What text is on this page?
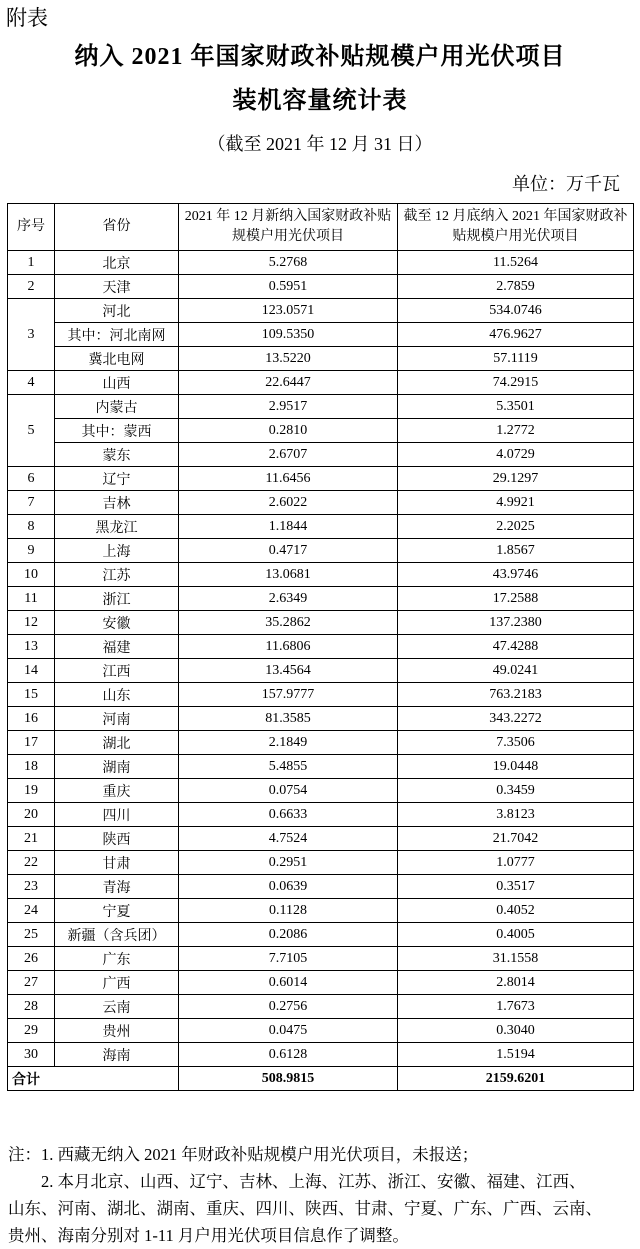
附表
纳入 2021 年国家财政补贴规模户用光伏项目
装机容量统计表
（截至 2021 年 12 月 31 日）
单位：万千瓦
序号	省份	2021 年 12 月新纳入国家财政补贴规模户用光伏项目	截至 12 月底纳入 2021 年国家财政补贴规模户用光伏项目
1	北京	5.2768	11.5264
2	天津	0.5951	2.7859
3	河北	123.0571	534.0746
	其中：河北南网	109.5350	476.9627
	冀北电网	13.5220	57.1119
4	山西	22.6447	74.2915
5	内蒙古	2.9517	5.3501
	其中：蒙西	0.2810	1.2772
	蒙东	2.6707	4.0729
6	辽宁	11.6456	29.1297
7	吉林	2.6022	4.9921
8	黑龙江	1.1844	2.2025
9	上海	0.4717	1.8567
10	江苏	13.0681	43.9746
11	浙江	2.6349	17.2588
12	安徽	35.2862	137.2380
13	福建	11.6806	47.4288
14	江西	13.4564	49.0241
15	山东	157.9777	763.2183
16	河南	81.3585	343.2272
17	湖北	2.1849	7.3506
18	湖南	5.4855	19.0448
19	重庆	0.0754	0.3459
20	四川	0.6633	3.8123
21	陕西	4.7524	21.7042
22	甘肃	0.2951	1.0777
23	青海	0.0639	0.3517
24	宁夏	0.1128	0.4052
25	新疆（含兵团）	0.2086	0.4005
26	广东	7.7105	31.1558
27	广西	0.6014	2.8014
28	云南	0.2756	1.7673
29	贵州	0.0475	0.3040
30	海南	0.6128	1.5194
合计		508.9815	2159.6201
注：1. 西藏无纳入 2021 年财政补贴规模户用光伏项目，未报送；
　　2. 本月北京、山西、辽宁、吉林、上海、江苏、浙江、安徽、福建、江西、
山东、河南、湖北、湖南、重庆、四川、陕西、甘肃、宁夏、广东、广西、云南、
贵州、海南分别对 1-11 月户用光伏项目信息作了调整。
